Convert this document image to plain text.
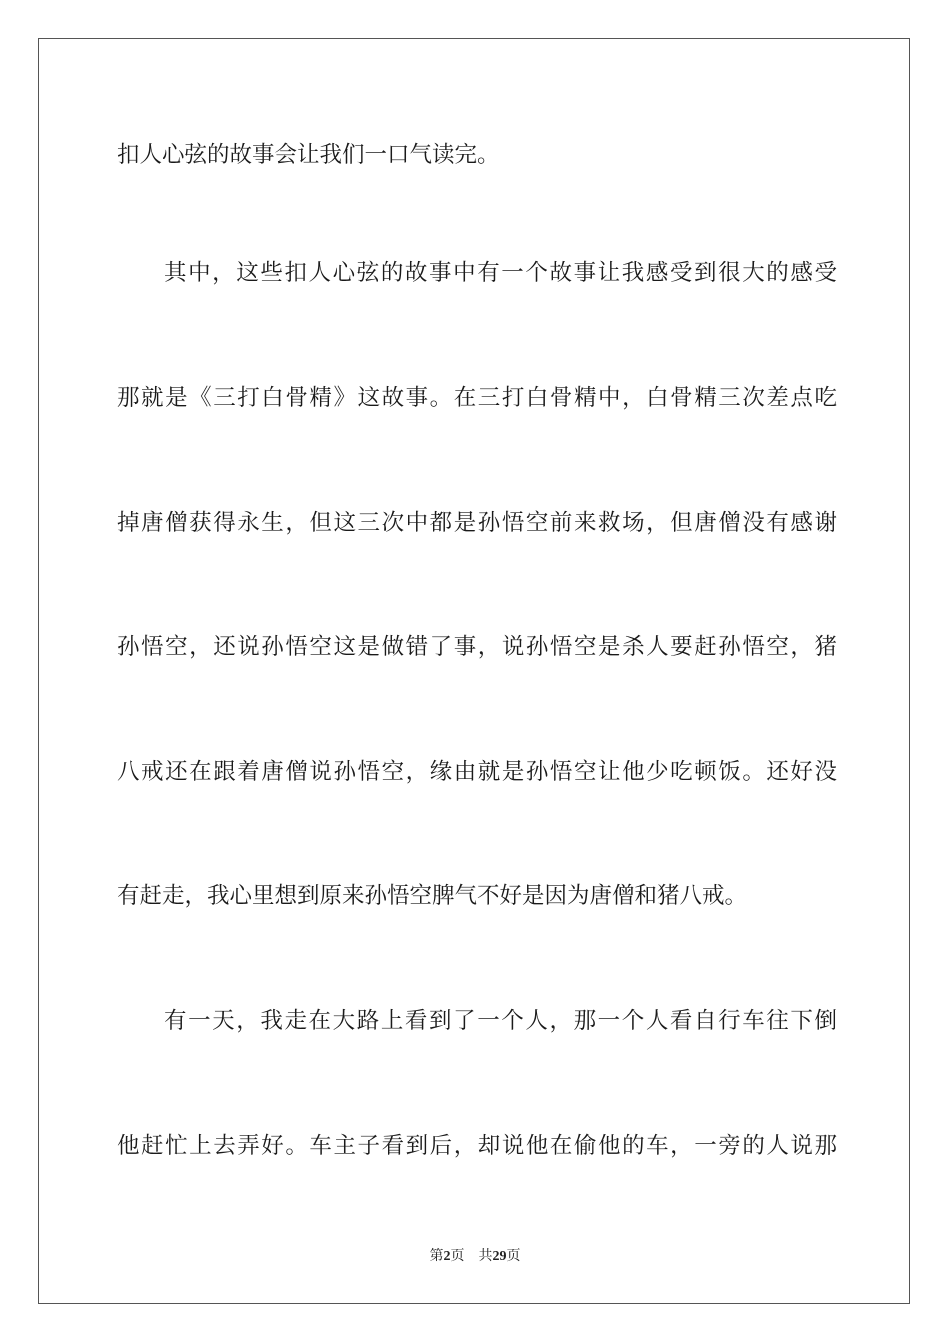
扣人心弦的故事会让我们一口气读完。
其中，这些扣人心弦的故事中有一个故事让我感受到很大的感受
那就是《三打白骨精》这故事。在三打白骨精中，白骨精三次差点吃
掉唐僧获得永生，但这三次中都是孙悟空前来救场，但唐僧没有感谢
孙悟空，还说孙悟空这是做错了事，说孙悟空是杀人要赶孙悟空，猪
八戒还在跟着唐僧说孙悟空，缘由就是孙悟空让他少吃顿饭。还好没
有赶走，我心里想到原来孙悟空脾气不好是因为唐僧和猪八戒。
有一天，我走在大路上看到了一个人，那一个人看自行车往下倒
他赶忙上去弄好。车主子看到后，却说他在偷他的车，一旁的人说那
第2页 共29页
